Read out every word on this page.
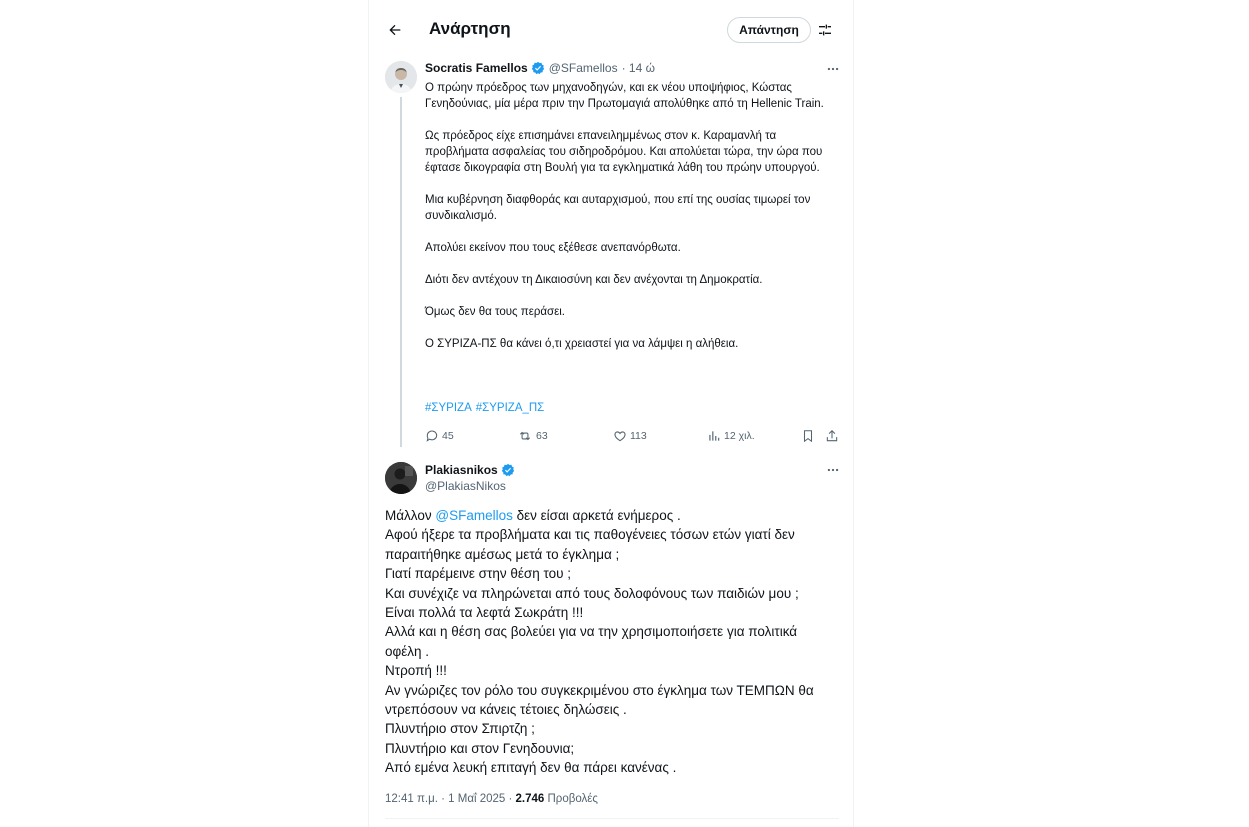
Ανάρτηση	Απάντηση
Socratis Famellos @SFamellos · 14 ώ

Ο πρώην πρόεδρος των μηχανοδηγών, και εκ νέου υποψήφιος, Κώστας Γενηδούνιας, μία μέρα πριν την Πρωτομαγιά απολύθηκε από τη Hellenic Train.

Ως πρόεδρος είχε επισημάνει επανειλημμένως στον κ. Καραμανλή τα προβλήματα ασφαλείας του σιδηροδρόμου. Και απολύεται τώρα, την ώρα που έφτασε δικογραφία στη Βουλή για τα εγκληματικά λάθη του πρώην υπουργού.

Μια κυβέρνηση διαφθοράς και αυταρχισμού, που επί της ουσίας τιμωρεί τον συνδικαλισμό.

Απολύει εκείνον που τους εξέθεσε ανεπανόρθωτα.

Διότι δεν αντέχουν τη Δικαιοσύνη και δεν ανέχονται τη Δημοκρατία.

Όμως δεν θα τους περάσει.

Ο ΣΥΡΙΖΑ-ΠΣ θα κάνει ό,τι χρειαστεί για να λάμψει η αλήθεια.

#ΣΥΡΙΖΑ #ΣΥΡΙΖΑ_ΠΣ
45	63	113	12 χιλ.
Plakiasnikos
@PlakiasNikos
Μάλλον @SFamellos δεν είσαι αρκετά ενήμερος .
Αφού ήξερε τα προβλήματα και τις παθογένειες τόσων ετών γιατί δεν παραιτήθηκε αμέσως μετά το έγκλημα ;
Γιατί παρέμεινε στην θέση του ;
Και συνέχιζε να πληρώνεται από τους δολοφόνους των παιδιών μου ;
Είναι πολλά τα λεφτά Σωκράτη !!!
Αλλά και η θέση σας βολεύει για να την χρησιμοποιήσετε για πολιτικά οφέλη .
Ντροπή !!!
Αν γνώριζες τον ρόλο του συγκεκριμένου στο έγκλημα των ΤΕΜΠΩΝ θα ντρεπόσουν να κάνεις τέτοιες δηλώσεις .
Πλυντήριο στον Σπιρτζη ;
Πλυντήριο και στον Γενηδουνια;
Από εμένα λευκή επιταγή δεν θα πάρει κανένας .
12:41 π.μ. · 1 Μαΐ 2025 · 2.746 Προβολές
